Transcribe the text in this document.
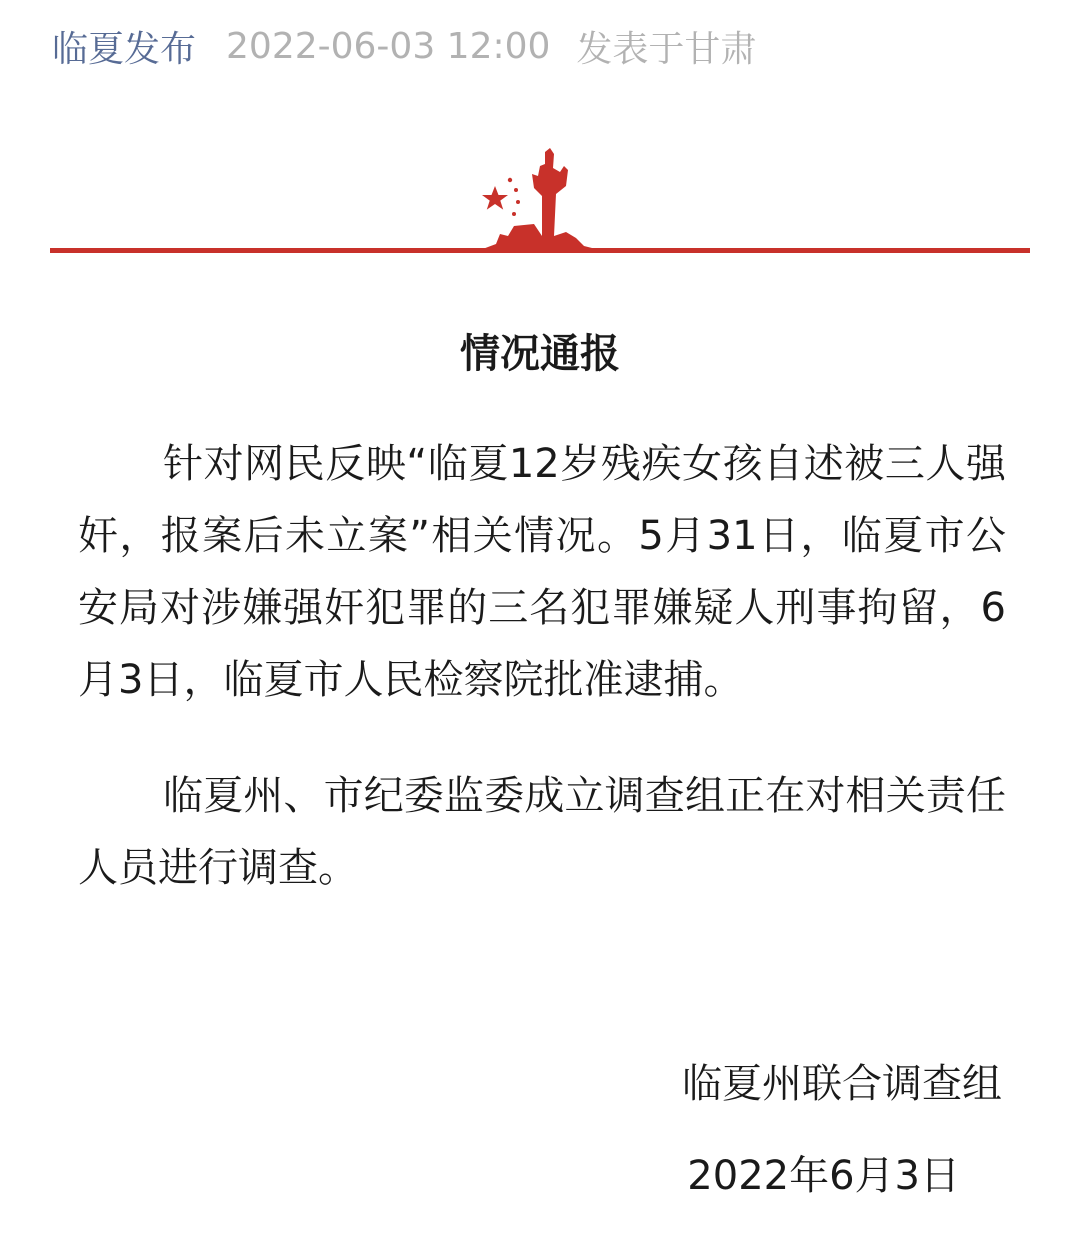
临夏发布 2022-06-03 12:00 发表于甘肃
情况通报

针对网民反映“临夏12岁残疾女孩自述被三人强奸，报案后未立案”相关情况。5月31日，临夏市公安局对涉嫌强奸犯罪的三名犯罪嫌疑人刑事拘留，6月3日，临夏市人民检察院批准逮捕。

临夏州、市纪委监委成立调查组正在对相关责任人员进行调查。

临夏州联合调查组
2022年6月3日
